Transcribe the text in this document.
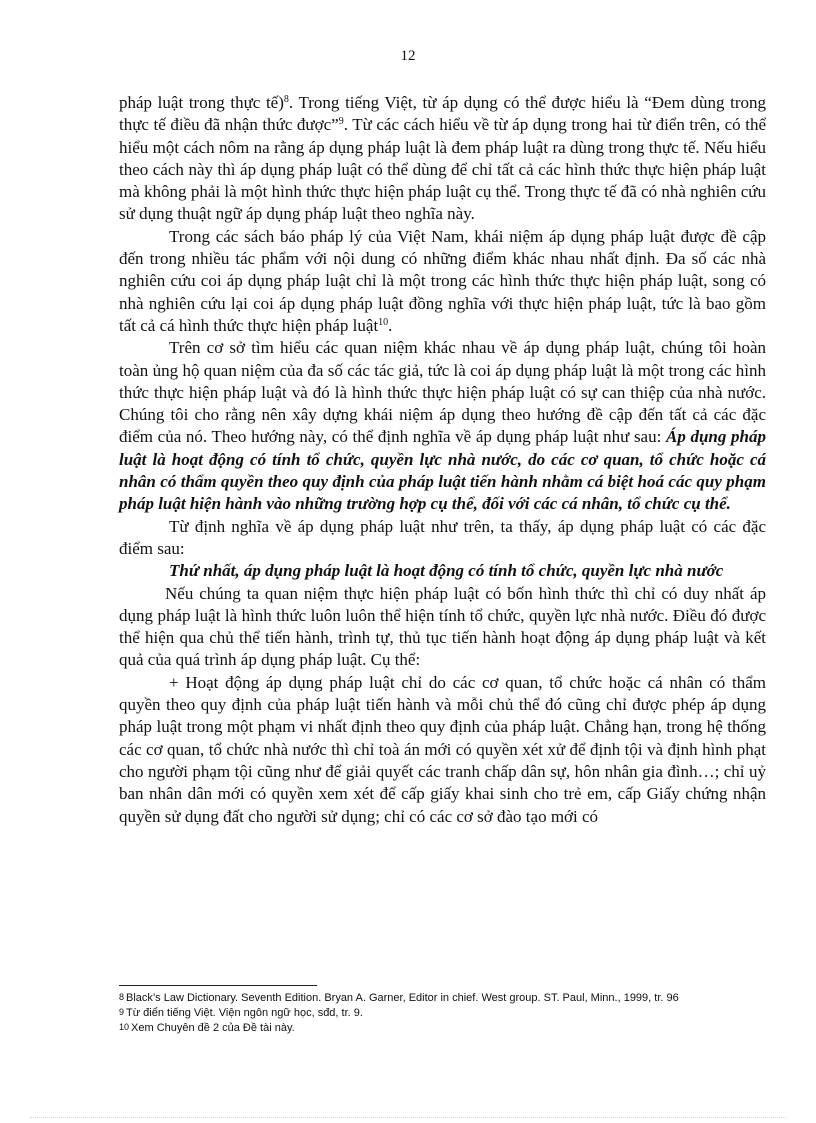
12

pháp luật trong thực tế)$^8$. Trong tiếng Việt, từ áp dụng có thể được hiểu là “Đem dùng trong thực tế điều đã nhận thức được”$^9$. Từ các cách hiểu về từ áp dụng trong hai từ điển trên, có thể hiểu một cách nôm na rằng áp dụng pháp luật là đem pháp luật ra dùng trong thực tế. Nếu hiểu theo cách này thì áp dụng pháp luật có thể dùng để chỉ tất cả các hình thức thực hiện pháp luật mà không phải là một hình thức thực hiện pháp luật cụ thể. Trong thực tế đã có nhà nghiên cứu sử dụng thuật ngữ áp dụng pháp luật theo nghĩa này.

Trong các sách báo pháp lý của Việt Nam, khái niệm áp dụng pháp luật được đề cập đến trong nhiều tác phẩm với nội dung có những điểm khác nhau nhất định. Đa số các nhà nghiên cứu coi áp dụng pháp luật chỉ là một trong các hình thức thực hiện pháp luật, song có nhà nghiên cứu lại coi áp dụng pháp luật đồng nghĩa với thực hiện pháp luật, tức là bao gồm tất cả cá hình thức thực hiện pháp luật$^{10}$.

Trên cơ sở tìm hiểu các quan niệm khác nhau về áp dụng pháp luật, chúng tôi hoàn toàn ủng hộ quan niệm của đa số các tác giả, tức là coi áp dụng pháp luật là một trong các hình thức thực hiện pháp luật và đó là hình thức thực hiện pháp luật có sự can thiệp của nhà nước. Chúng tôi cho rằng nên xây dựng khái niệm áp dụng theo hướng đề cập đến tất cả các đặc điểm của nó. Theo hướng này, có thể định nghĩa về áp dụng pháp luật như sau: Áp dụng pháp luật là hoạt động có tính tổ chức, quyền lực nhà nước, do các cơ quan, tổ chức hoặc cá nhân có thẩm quyền theo quy định của pháp luật tiến hành nhằm cá biệt hoá các quy phạm pháp luật hiện hành vào những trường hợp cụ thể, đối với các cá nhân, tổ chức cụ thể.

Từ định nghĩa về áp dụng pháp luật như trên, ta thấy, áp dụng pháp luật có các đặc điểm sau:

Thứ nhất, áp dụng pháp luật là hoạt động có tính tổ chức, quyền lực nhà nước

Nếu chúng ta quan niệm thực hiện pháp luật có bốn hình thức thì chỉ có duy nhất áp dụng pháp luật là hình thức luôn luôn thể hiện tính tổ chức, quyền lực nhà nước. Điều đó được thể hiện qua chủ thể tiến hành, trình tự, thủ tục tiến hành hoạt động áp dụng pháp luật và kết quả của quá trình áp dụng pháp luật. Cụ thể:

+ Hoạt động áp dụng pháp luật chỉ do các cơ quan, tổ chức hoặc cá nhân có thẩm quyền theo quy định của pháp luật tiến hành và mỗi chủ thể đó cũng chỉ được phép áp dụng pháp luật trong một phạm vi nhất định theo quy định của pháp luật. Chẳng hạn, trong hệ thống các cơ quan, tổ chức nhà nước thì chỉ toà án mới có quyền xét xử để định tội và định hình phạt cho người phạm tội cũng như để giải quyết các tranh chấp dân sự, hôn nhân gia đình…; chỉ uỷ ban nhân dân mới có quyền xem xét để cấp giấy khai sinh cho trẻ em, cấp Giấy chứng nhận quyền sử dụng đất cho người sử dụng; chỉ có các cơ sở đào tạo mới có

8 Black’s Law Dictionary. Seventh Edition. Bryan A. Garner, Editor in chief. West group. ST. Paul, Minn., 1999, tr. 96

9 Từ điển tiếng Việt. Viện ngôn ngữ học, sđd, tr. 9.

10 Xem Chuyên đề 2 của Đề tài này.
